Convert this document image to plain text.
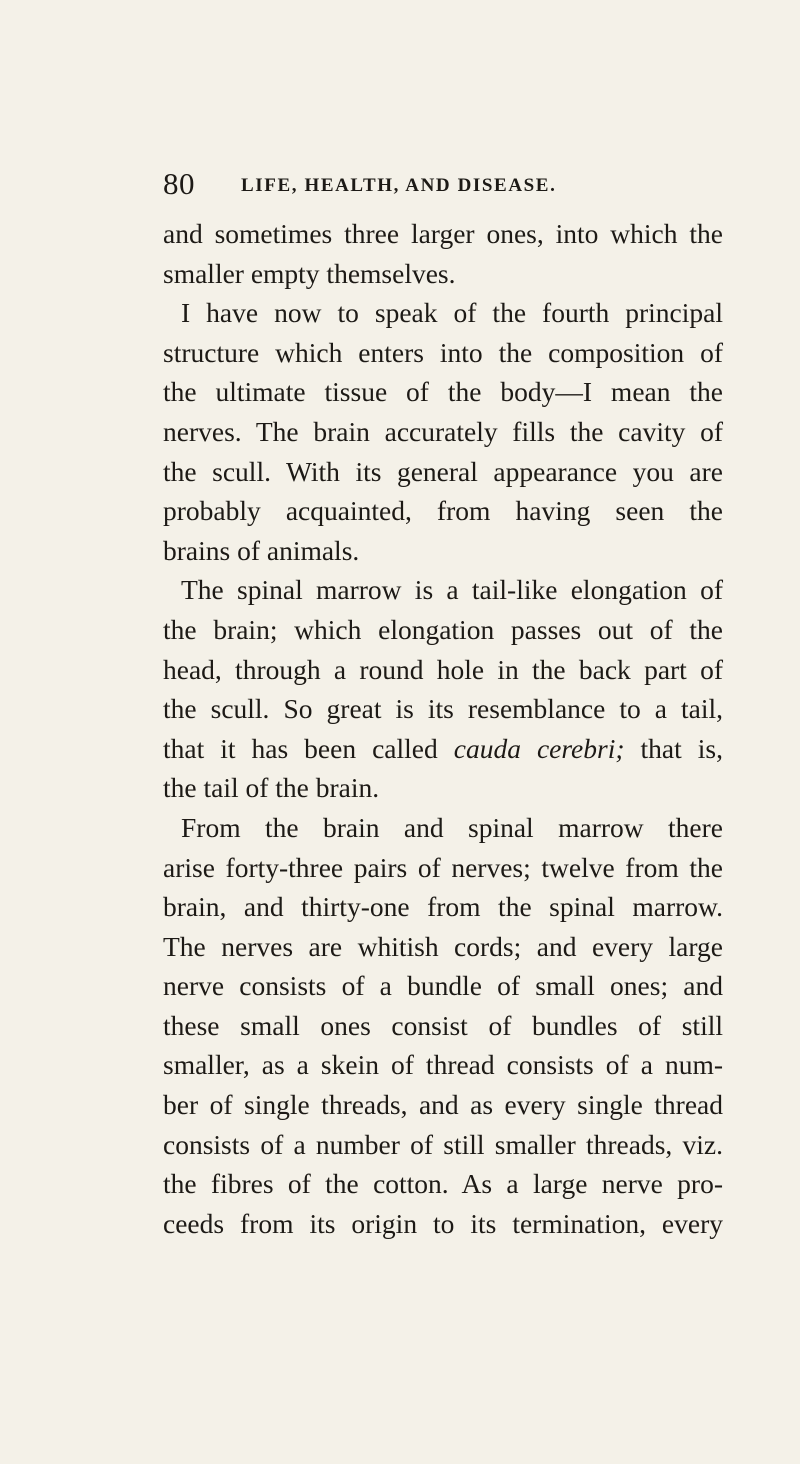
80 LIFE, HEALTH, AND DISEASE.
and sometimes three larger ones, into which the
smaller empty themselves.
I have now to speak of the fourth principal
structure which enters into the composition of
the ultimate tissue of the body—I mean the
nerves. The brain accurately fills the cavity of
the scull. With its general appearance you are
probably acquainted, from having seen the
brains of animals.
The spinal marrow is a tail-like elongation of
the brain; which elongation passes out of the
head, through a round hole in the back part of
the scull. So great is its resemblance to a tail,
that it has been called cauda cerebri; that is,
the tail of the brain.
From the brain and spinal marrow there
arise forty-three pairs of nerves; twelve from the
brain, and thirty-one from the spinal marrow.
The nerves are whitish cords; and every large
nerve consists of a bundle of small ones; and
these small ones consist of bundles of still
smaller, as a skein of thread consists of a num-
ber of single threads, and as every single thread
consists of a number of still smaller threads, viz.
the fibres of the cotton. As a large nerve pro-
ceeds from its origin to its termination, every
